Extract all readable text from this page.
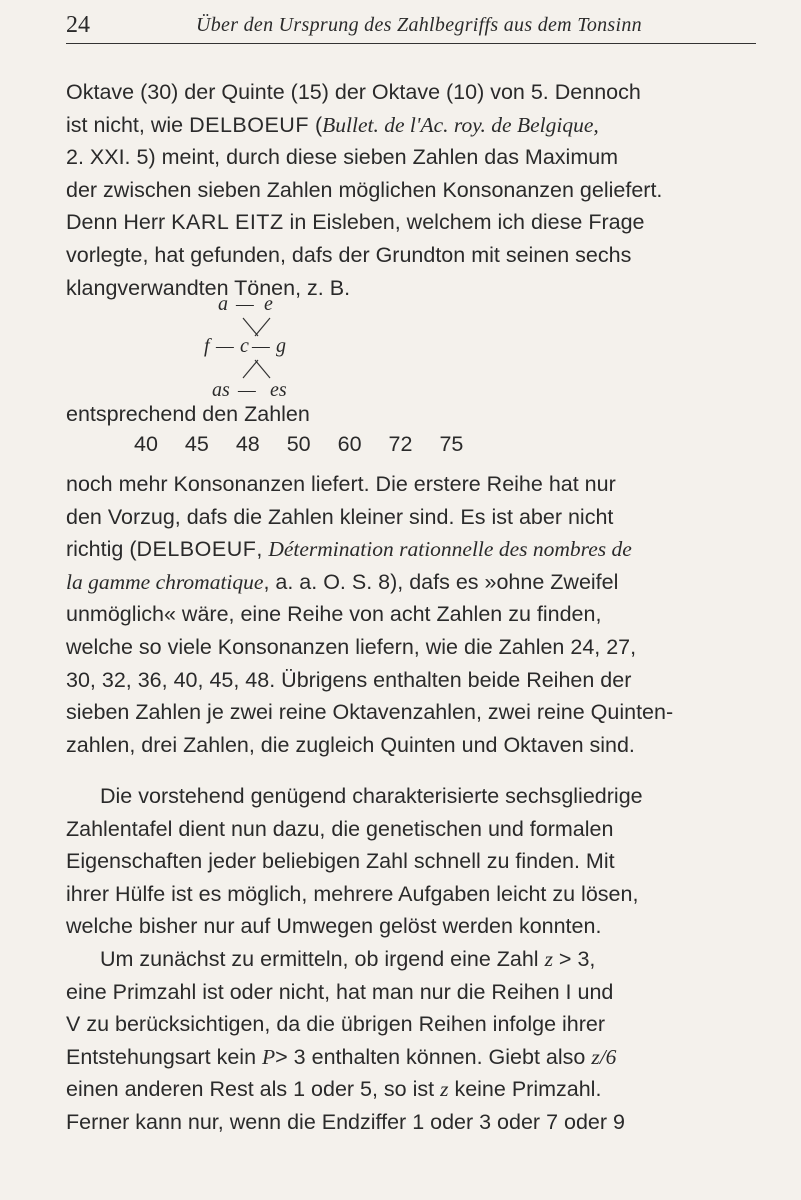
24	Über den Ursprung des Zahlbegriffs aus dem Tonsinn
Oktave (30) der Quinte (15) der Oktave (10) von 5. Dennoch
ist nicht, wie DELBOEUF (Bullet. de l'Ac. roy. de Belgique,
2. XXI. 5) meint, durch diese sieben Zahlen das Maximum
der zwischen sieben Zahlen möglichen Konsonanzen geliefert.
Denn Herr KARL EITZ in Eisleben, welchem ich diese Frage
vorlegte, hat gefunden, dafs der Grundton mit seinen sechs
klangverwandten Tönen, z. B.
a — e
f — c — g
as — es
entsprechend den Zahlen
40 45 48 50 60 72 75
noch mehr Konsonanzen liefert. Die erstere Reihe hat nur
den Vorzug, dafs die Zahlen kleiner sind. Es ist aber nicht
richtig (DELBOEUF, Détermination rationnelle des nombres de
la gamme chromatique, a. a. O. S. 8), dafs es »ohne Zweifel
unmöglich« wäre, eine Reihe von acht Zahlen zu finden,
welche so viele Konsonanzen liefern, wie die Zahlen 24, 27,
30, 32, 36, 40, 45, 48. Übrigens enthalten beide Reihen der
sieben Zahlen je zwei reine Oktavenzahlen, zwei reine Quinten-
zahlen, drei Zahlen, die zugleich Quinten und Oktaven sind.
Die vorstehend genügend charakterisierte sechsgliedrige
Zahlentafel dient nun dazu, die genetischen und formalen
Eigenschaften jeder beliebigen Zahl schnell zu finden. Mit
ihrer Hülfe ist es möglich, mehrere Aufgaben leicht zu lösen,
welche bisher nur auf Umwegen gelöst werden konnten.
Um zunächst zu ermitteln, ob irgend eine Zahl z > 3,
eine Primzahl ist oder nicht, hat man nur die Reihen I und
V zu berücksichtigen, da die übrigen Reihen infolge ihrer
Entstehungsart kein P> 3 enthalten können. Giebt also z/6
einen anderen Rest als 1 oder 5, so ist z keine Primzahl.
Ferner kann nur, wenn die Endziffer 1 oder 3 oder 7 oder 9
